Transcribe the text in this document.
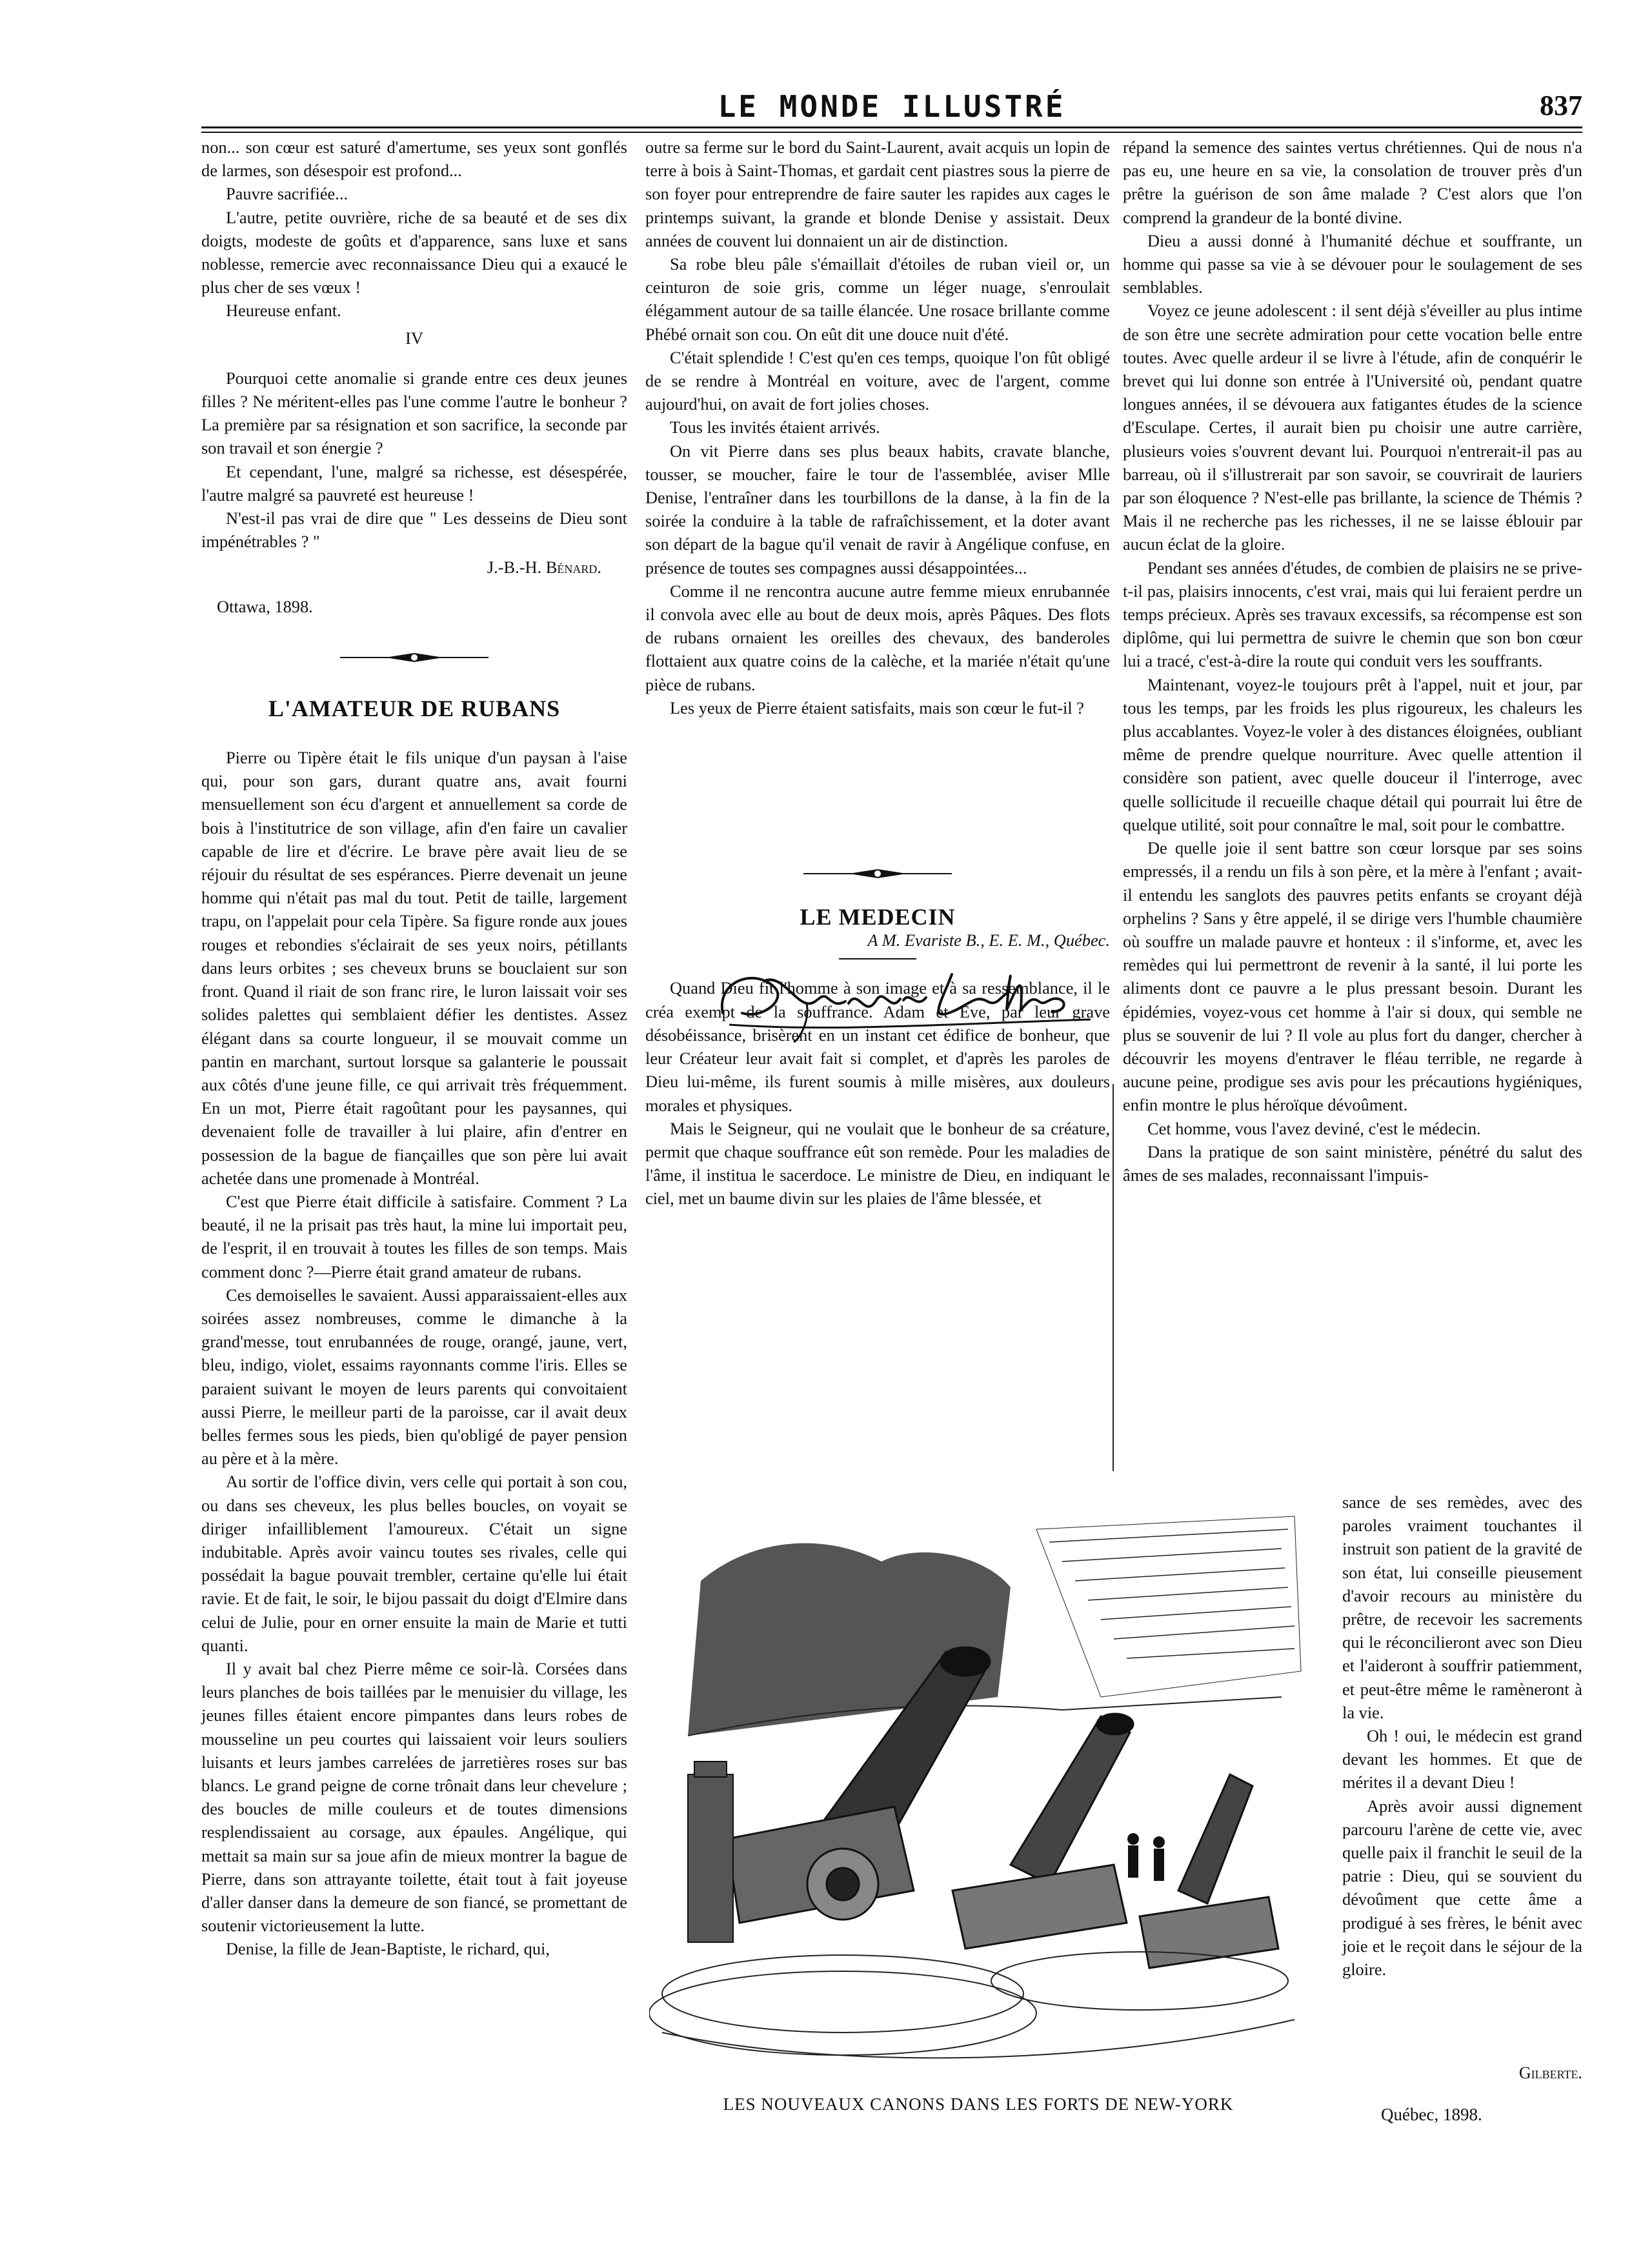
LE MONDE ILLUSTRÉ	837

non... son cœur est saturé d'amertume, ses yeux sont gonflés de larmes, son désespoir est profond...

Pauvre sacrifiée...

L'autre, petite ouvrière, riche de sa beauté et de ses dix doigts, modeste de goûts et d'apparence, sans luxe et sans noblesse, remercie avec reconnaissance Dieu qui a exaucé le plus cher de ses vœux !

Heureuse enfant.

IV

Pourquoi cette anomalie si grande entre ces deux jeunes filles ? Ne méritent-elles pas l'une comme l'autre le bonheur ? La première par sa résignation et son sacrifice, la seconde par son travail et son énergie ?

Et cependant, l'une, malgré sa richesse, est désespérée, l'autre malgré sa pauvreté est heureuse !

N'est-il pas vrai de dire que " Les desseins de Dieu sont impénétrables ? "

J.-B.-H. Bénard.
Ottawa, 1898.
L'AMATEUR DE RUBANS

Pierre ou Tipère était le fils unique d'un paysan à l'aise qui, pour son gars, durant quatre ans, avait fourni mensuellement son écu d'argent et annuellement sa corde de bois à l'institutrice de son village, afin d'en faire un cavalier capable de lire et d'écrire. Le brave père avait lieu de se réjouir du résultat de ses espérances. Pierre devenait un jeune homme qui n'était pas mal du tout. Petit de taille, largement trapu, on l'appelait pour cela Tipère. Sa figure ronde aux joues rouges et rebondies s'éclairait de ses yeux noirs, pétillants dans leurs orbites ; ses cheveux bruns se bouclaient sur son front. Quand il riait de son franc rire, le luron laissait voir ses solides palettes qui semblaient défier les dentistes. Assez élégant dans sa courte longueur, il se mouvait comme un pantin en marchant, surtout lorsque sa galanterie le poussait aux côtés d'une jeune fille, ce qui arrivait très fréquemment. En un mot, Pierre était ragoûtant pour les paysannes, qui devenaient folle de travailler à lui plaire, afin d'entrer en possession de la bague de fiançailles que son père lui avait achetée dans une promenade à Montréal.

C'est que Pierre était difficile à satisfaire. Comment ? La beauté, il ne la prisait pas très haut, la mine lui importait peu, de l'esprit, il en trouvait à toutes les filles de son temps. Mais comment donc ?—Pierre était grand amateur de rubans.

Ces demoiselles le savaient. Aussi apparaissaient-elles aux soirées assez nombreuses, comme le dimanche à la grand'messe, tout enrubannées de rouge, orangé, jaune, vert, bleu, indigo, violet, essaims rayonnants comme l'iris. Elles se paraient suivant le moyen de leurs parents qui convoitaient aussi Pierre, le meilleur parti de la paroisse, car il avait deux belles fermes sous les pieds, bien qu'obligé de payer pension au père et à la mère.

Au sortir de l'office divin, vers celle qui portait à son cou, ou dans ses cheveux, les plus belles boucles, on voyait se diriger infailliblement l'amoureux. C'était un signe indubitable. Après avoir vaincu toutes ses rivales, celle qui possédait la bague pouvait trembler, certaine qu'elle lui était ravie. Et de fait, le soir, le bijou passait du doigt d'Elmire dans celui de Julie, pour en orner ensuite la main de Marie et tutti quanti.

Il y avait bal chez Pierre même ce soir-là. Corsées dans leurs planches de bois taillées par le menuisier du village, les jeunes filles étaient encore pimpantes dans leurs robes de mousseline un peu courtes qui laissaient voir leurs souliers luisants et leurs jambes carrelées de jarretières roses sur bas blancs. Le grand peigne de corne trônait dans leur chevelure ; des boucles de mille couleurs et de toutes dimensions resplendissaient au corsage, aux épaules. Angélique, qui mettait sa main sur sa joue afin de mieux montrer la bague de Pierre, dans son attrayante toilette, était tout à fait joyeuse d'aller danser dans la demeure de son fiancé, se promettant de soutenir victorieusement la lutte.

Denise, la fille de Jean-Baptiste, le richard, qui,

outre sa ferme sur le bord du Saint-Laurent, avait acquis un lopin de terre à bois à Saint-Thomas, et gardait cent piastres sous la pierre de son foyer pour entreprendre de faire sauter les rapides aux cages le printemps suivant, la grande et blonde Denise y assistait. Deux années de couvent lui donnaient un air de distinction.

Sa robe bleu pâle s'émaillait d'étoiles de ruban vieil or, un ceinturon de soie gris, comme un léger nuage, s'enroulait élégamment autour de sa taille élancée. Une rosace brillante comme Phébé ornait son cou. On eût dit une douce nuit d'été.

C'était splendide ! C'est qu'en ces temps, quoique l'on fût obligé de se rendre à Montréal en voiture, avec de l'argent, comme aujourd'hui, on avait de fort jolies choses.

Tous les invités étaient arrivés.

On vit Pierre dans ses plus beaux habits, cravate blanche, tousser, se moucher, faire le tour de l'assemblée, aviser Mlle Denise, l'entraîner dans les tourbillons de la danse, à la fin de la soirée la conduire à la table de rafraîchissement, et la doter avant son départ de la bague qu'il venait de ravir à Angélique confuse, en présence de toutes ses compagnes aussi désappointées...

Comme il ne rencontra aucune autre femme mieux enrubannée il convola avec elle au bout de deux mois, après Pâques. Des flots de rubans ornaient les oreilles des chevaux, des banderoles flottaient aux quatre coins de la calèche, et la mariée n'était qu'une pièce de rubans.

Les yeux de Pierre étaient satisfaits, mais son cœur le fut-il ?

LE MEDECIN
A M. Evariste B., E. E. M., Québec.

Quand Dieu fit l'homme à son image et à sa ressemblance, il le créa exempt de la souffrance. Adam et Eve, par leur grave désobéissance, brisèrent en un instant cet édifice de bonheur, que leur Créateur leur avait fait si complet, et d'après les paroles de Dieu lui-même, ils furent soumis à mille misères, aux douleurs morales et physiques.

Mais le Seigneur, qui ne voulait que le bonheur de sa créature, permit que chaque souffrance eût son remède. Pour les maladies de l'âme, il institua le sacerdoce. Le ministre de Dieu, en indiquant le ciel, met un baume divin sur les plaies de l'âme blessée, et

répand la semence des saintes vertus chrétiennes. Qui de nous n'a pas eu, une heure en sa vie, la consolation de trouver près d'un prêtre la guérison de son âme malade ? C'est alors que l'on comprend la grandeur de la bonté divine.

Dieu a aussi donné à l'humanité déchue et souffrante, un homme qui passe sa vie à se dévouer pour le soulagement de ses semblables.

Voyez ce jeune adolescent : il sent déjà s'éveiller au plus intime de son être une secrète admiration pour cette vocation belle entre toutes. Avec quelle ardeur il se livre à l'étude, afin de conquérir le brevet qui lui donne son entrée à l'Université où, pendant quatre longues années, il se dévouera aux fatigantes études de la science d'Esculape. Certes, il aurait bien pu choisir une autre carrière, plusieurs voies s'ouvrent devant lui. Pourquoi n'entrerait-il pas au barreau, où il s'illustrerait par son savoir, se couvrirait de lauriers par son éloquence ? N'est-elle pas brillante, la science de Thémis ? Mais il ne recherche pas les richesses, il ne se laisse éblouir par aucun éclat de la gloire.

Pendant ses années d'études, de combien de plaisirs ne se prive-t-il pas, plaisirs innocents, c'est vrai, mais qui lui feraient perdre un temps précieux. Après ses travaux excessifs, sa récompense est son diplôme, qui lui permettra de suivre le chemin que son bon cœur lui a tracé, c'est-à-dire la route qui conduit vers les souffrants.

Maintenant, voyez-le toujours prêt à l'appel, nuit et jour, par tous les temps, par les froids les plus rigoureux, les chaleurs les plus accablantes. Voyez-le voler à des distances éloignées, oubliant même de prendre quelque nourriture. Avec quelle attention il considère son patient, avec quelle douceur il l'interroge, avec quelle sollicitude il recueille chaque détail qui pourrait lui être de quelque utilité, soit pour connaître le mal, soit pour le combattre.

De quelle joie il sent battre son cœur lorsque par ses soins empressés, il a rendu un fils à son père, et la mère à l'enfant ; avait-il entendu les sanglots des pauvres petits enfants se croyant déjà orphelins ? Sans y être appelé, il se dirige vers l'humble chaumière où souffre un malade pauvre et honteux : il s'informe, et, avec les remèdes qui lui permettront de revenir à la santé, il lui porte les aliments dont ce pauvre a le plus pressant besoin. Durant les épidémies, voyez-vous cet homme à l'air si doux, qui semble ne plus se souvenir de lui ? Il vole au plus fort du danger, chercher à découvrir les moyens d'entraver le fléau terrible, ne regarde à aucune peine, prodigue ses avis pour les précautions hygiéniques, enfin montre le plus héroïque dévoûment.

Cet homme, vous l'avez deviné, c'est le médecin.

Dans la pratique de son saint ministère, pénétré du salut des âmes de ses malades, reconnaissant l'impuis-

sance de ses remèdes, avec des paroles vraiment touchantes il instruit son patient de la gravité de son état, lui conseille pieusement d'avoir recours au ministère du prêtre, de recevoir les sacrements qui le réconcilieront avec son Dieu et l'aideront à souffrir patiemment, et peut-être même le ramèneront à la vie.

Oh ! oui, le médecin est grand devant les hommes. Et que de mérites il a devant Dieu !

Après avoir aussi dignement parcouru l'arène de cette vie, avec quelle paix il franchit le seuil de la patrie : Dieu, qui se souvient du dévoûment que cette âme a prodigué à ses frères, le bénit avec joie et le reçoit dans le séjour de la gloire.

LES NOUVEAUX CANONS DANS LES FORTS DE NEW-YORK
Gilberte.
Québec, 1898.
